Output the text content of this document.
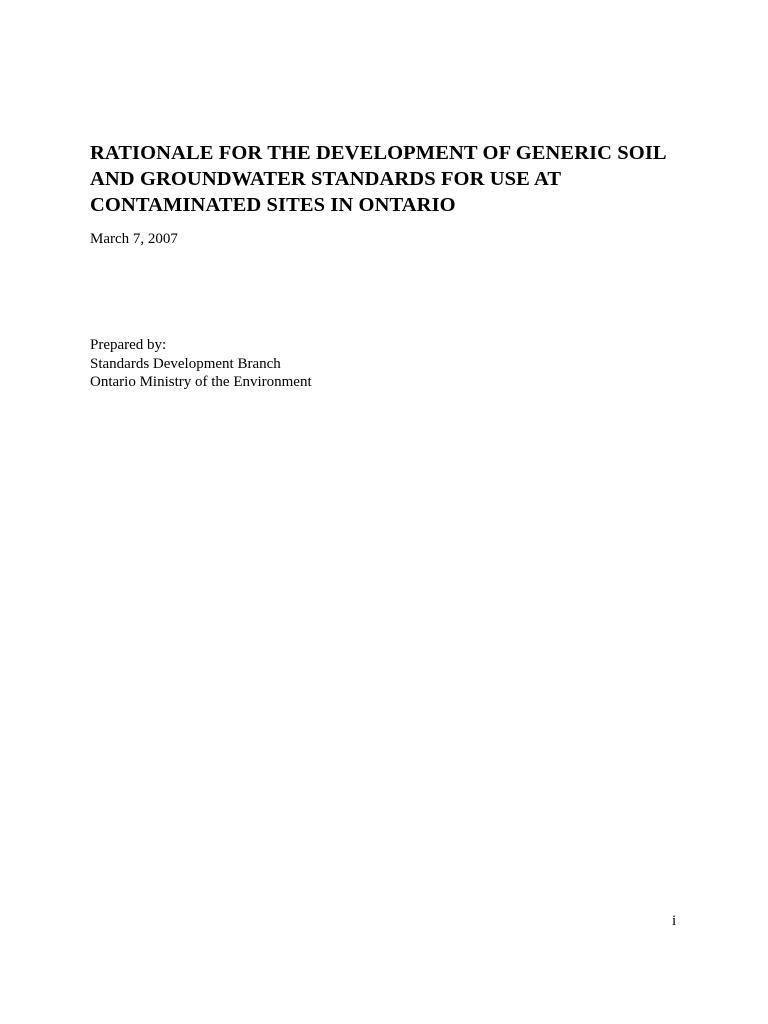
RATIONALE FOR THE DEVELOPMENT OF GENERIC SOIL
AND GROUNDWATER STANDARDS FOR USE AT
CONTAMINATED SITES IN ONTARIO

March 7, 2007

Prepared by:
Standards Development Branch
Ontario Ministry of the Environment
i
